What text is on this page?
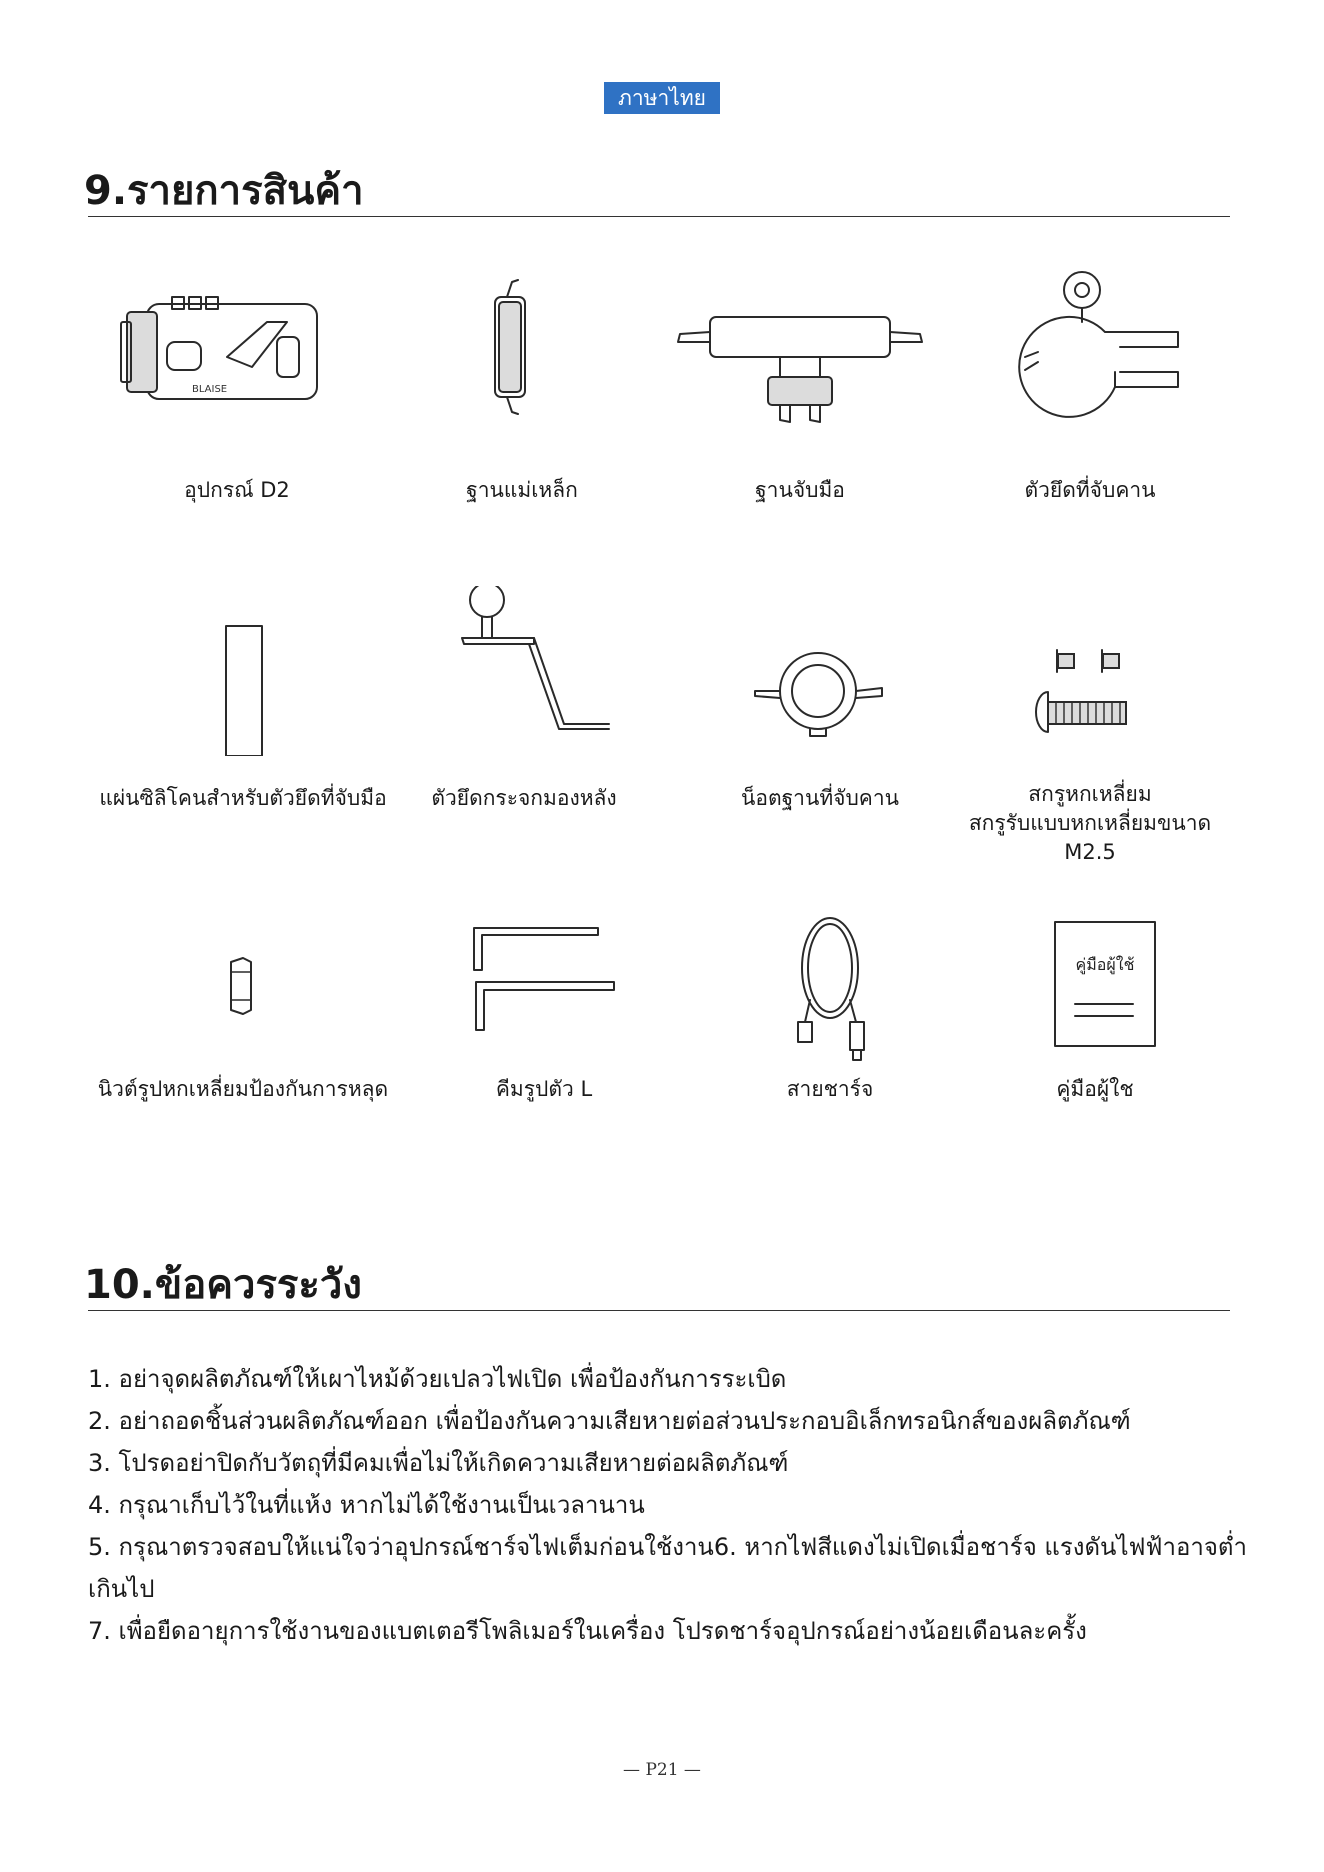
ภาษาไทย
9.รายการสินค้า
BLAISE
อุปกรณ์ D2	ฐานแม่เหล็ก	ฐานจับมือ	ตัวยึดที่จับคาน
แผ่นซิลิโคนสำหรับตัวยึดที่จับมือ	ตัวยึดกระจกมองหลัง	น็อตฐานที่จับคาน	สกรูหกเหลี่ยม
สกรูรับแบบหกเหลี่ยมขนาด
M2.5
นิวต์รูปหกเหลี่ยมป้องกันการหลุด	คีมรูปตัว L	สายชาร์จ
คู่มือผู้ใช้
คู่มือผู้ใช
10.ข้อควรระวัง
1. อย่าจุดผลิตภัณฑ์ให้เผาไหม้ด้วยเปลวไฟเปิด เพื่อป้องกันการระเบิด
2. อย่าถอดชิ้นส่วนผลิตภัณฑ์ออก เพื่อป้องกันความเสียหายต่อส่วนประกอบอิเล็กทรอนิกส์ของผลิตภัณฑ์
3. โปรดอย่าปิดกับวัตถุที่มีคมเพื่อไม่ให้เกิดความเสียหายต่อผลิตภัณฑ์
4. กรุณาเก็บไว้ในที่แห้ง หากไม่ได้ใช้งานเป็นเวลานาน
5. กรุณาตรวจสอบให้แน่ใจว่าอุปกรณ์ชาร์จไฟเต็มก่อนใช้งาน6. หากไฟสีแดงไม่เปิดเมื่อชาร์จ แรงดันไฟฟ้าอาจต่ำเกินไป
7. เพื่อยืดอายุการใช้งานของแบตเตอรีโพลิเมอร์ในเครื่อง โปรดชาร์จอุปกรณ์อย่างน้อยเดือนละครั้ง
— P21 —
